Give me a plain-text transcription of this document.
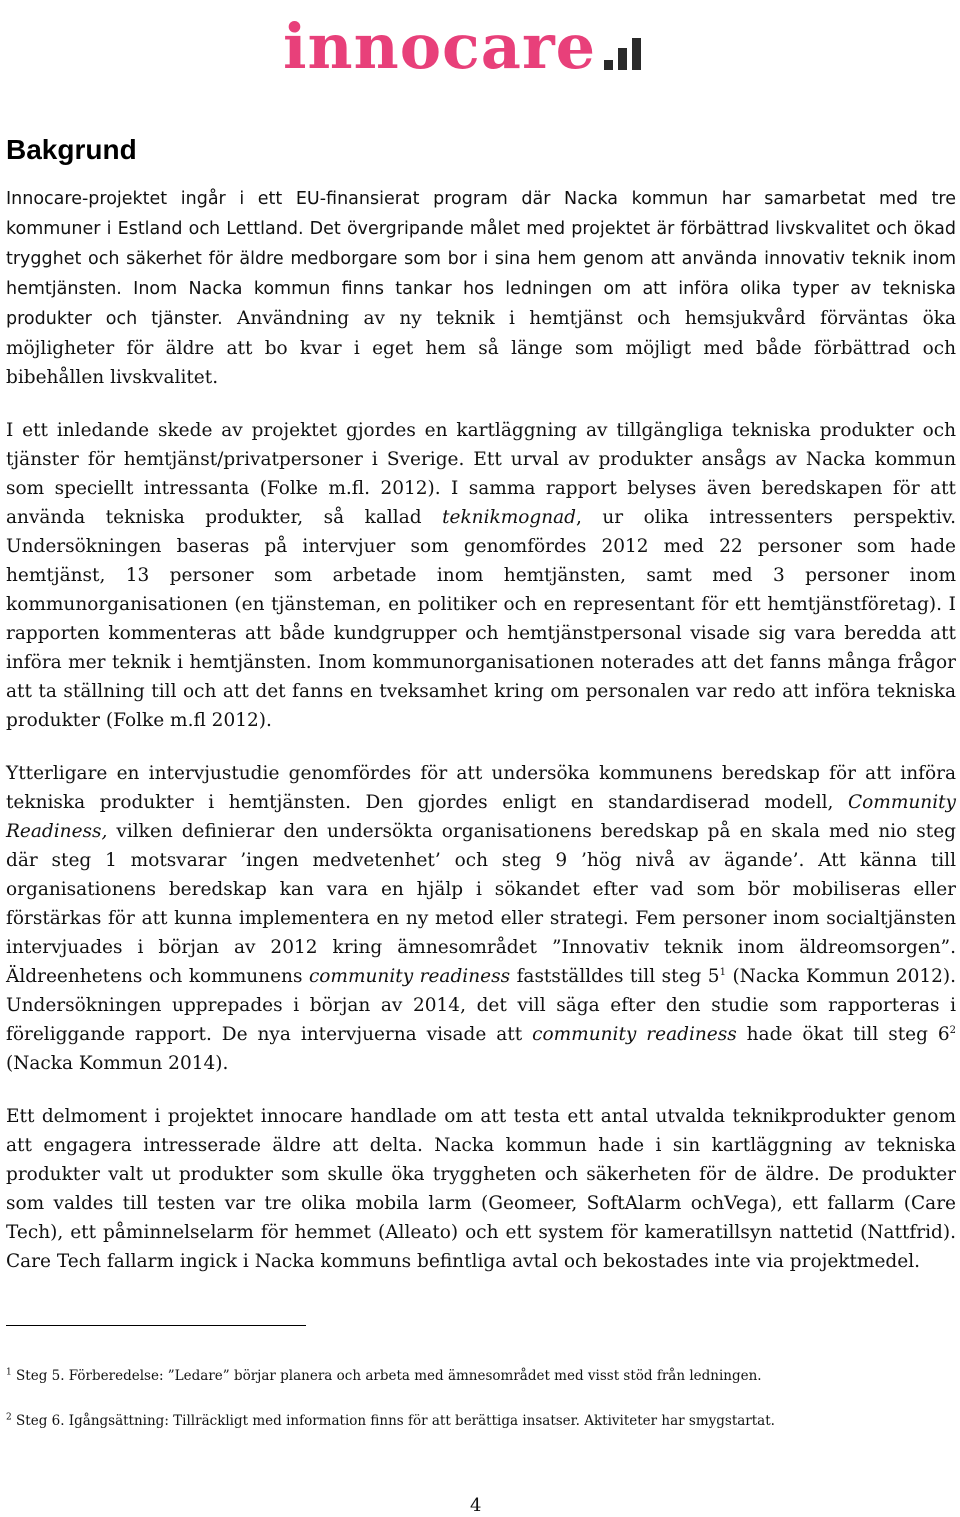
innocare
Bakgrund

Innocare-projektet ingår i ett EU-finansierat program där Nacka kommun har samarbetat med tre kommuner i Estland och Lettland. Det övergripande målet med projektet är förbättrad livskvalitet och ökad trygghet och säkerhet för äldre medborgare som bor i sina hem genom att använda innovativ teknik inom hemtjänsten. Inom Nacka kommun finns tankar hos ledningen om att införa olika typer av tekniska produkter och tjänster. Användning av ny teknik i hemtjänst och hemsjukvård förväntas öka möjligheter för äldre att bo kvar i eget hem så länge som möjligt med både förbättrad och bibehållen livskvalitet.

I ett inledande skede av projektet gjordes en kartläggning av tillgängliga tekniska produkter och tjänster för hemtjänst/privatpersoner i Sverige. Ett urval av produkter ansågs av Nacka kommun som speciellt intressanta (Folke m.fl. 2012). I samma rapport belyses även beredskapen för att använda tekniska produkter, så kallad teknikmognad, ur olika intressenters perspektiv. Undersökningen baseras på intervjuer som genomfördes 2012 med 22 personer som hade hemtjänst, 13 personer som arbetade inom hemtjänsten, samt med 3 personer inom kommunorganisationen (en tjänsteman, en politiker och en representant för ett hemtjänstföretag). I rapporten kommenteras att både kundgrupper och hemtjänstpersonal visade sig vara beredda att införa mer teknik i hemtjänsten. Inom kommunorganisationen noterades att det fanns många frågor att ta ställning till och att det fanns en tveksamhet kring om personalen var redo att införa tekniska produkter (Folke m.fl 2012).

Ytterligare en intervjustudie genomfördes för att undersöka kommunens beredskap för att införa tekniska produkter i hemtjänsten. Den gjordes enligt en standardiserad modell, Community Readiness, vilken definierar den undersökta organisationens beredskap på en skala med nio steg där steg 1 motsvarar ’ingen medvetenhet’ och steg 9 ’hög nivå av ägande’. Att känna till organisationens beredskap kan vara en hjälp i sökandet efter vad som bör mobiliseras eller förstärkas för att kunna implementera en ny metod eller strategi. Fem personer inom socialtjänsten intervjuades i början av 2012 kring ämnesområdet ”Innovativ teknik inom äldreomsorgen”. Äldreenhetens och kommunens community readiness fastställdes till steg $5^1$ (Nacka Kommun 2012). Undersökningen upprepades i början av 2014, det vill säga efter den studie som rapporteras i föreliggande rapport. De nya intervjuerna visade att community readiness hade ökat till steg $6^2$ (Nacka Kommun 2014).

Ett delmoment i projektet innocare handlade om att testa ett antal utvalda teknikprodukter genom att engagera intresserade äldre att delta. Nacka kommun hade i sin kartläggning av tekniska produkter valt ut produkter som skulle öka tryggheten och säkerheten för de äldre. De produkter som valdes till testen var tre olika mobila larm (Geomeer, SoftAlarm ochVega), ett fallarm (Care Tech), ett påminnelselarm för hemmet (Alleato) och ett system för kameratillsyn nattetid (Nattfrid). Care Tech fallarm ingick i Nacka kommuns befintliga avtal och bekostades inte via projektmedel.

$^1$ Steg 5. Förberedelse: ”Ledare” börjar planera och arbeta med ämnesområdet med visst stöd från ledningen.
$^2$ Steg 6. Igångsättning: Tillräckligt med information finns för att berättiga insatser. Aktiviteter har smygstartat.
4
